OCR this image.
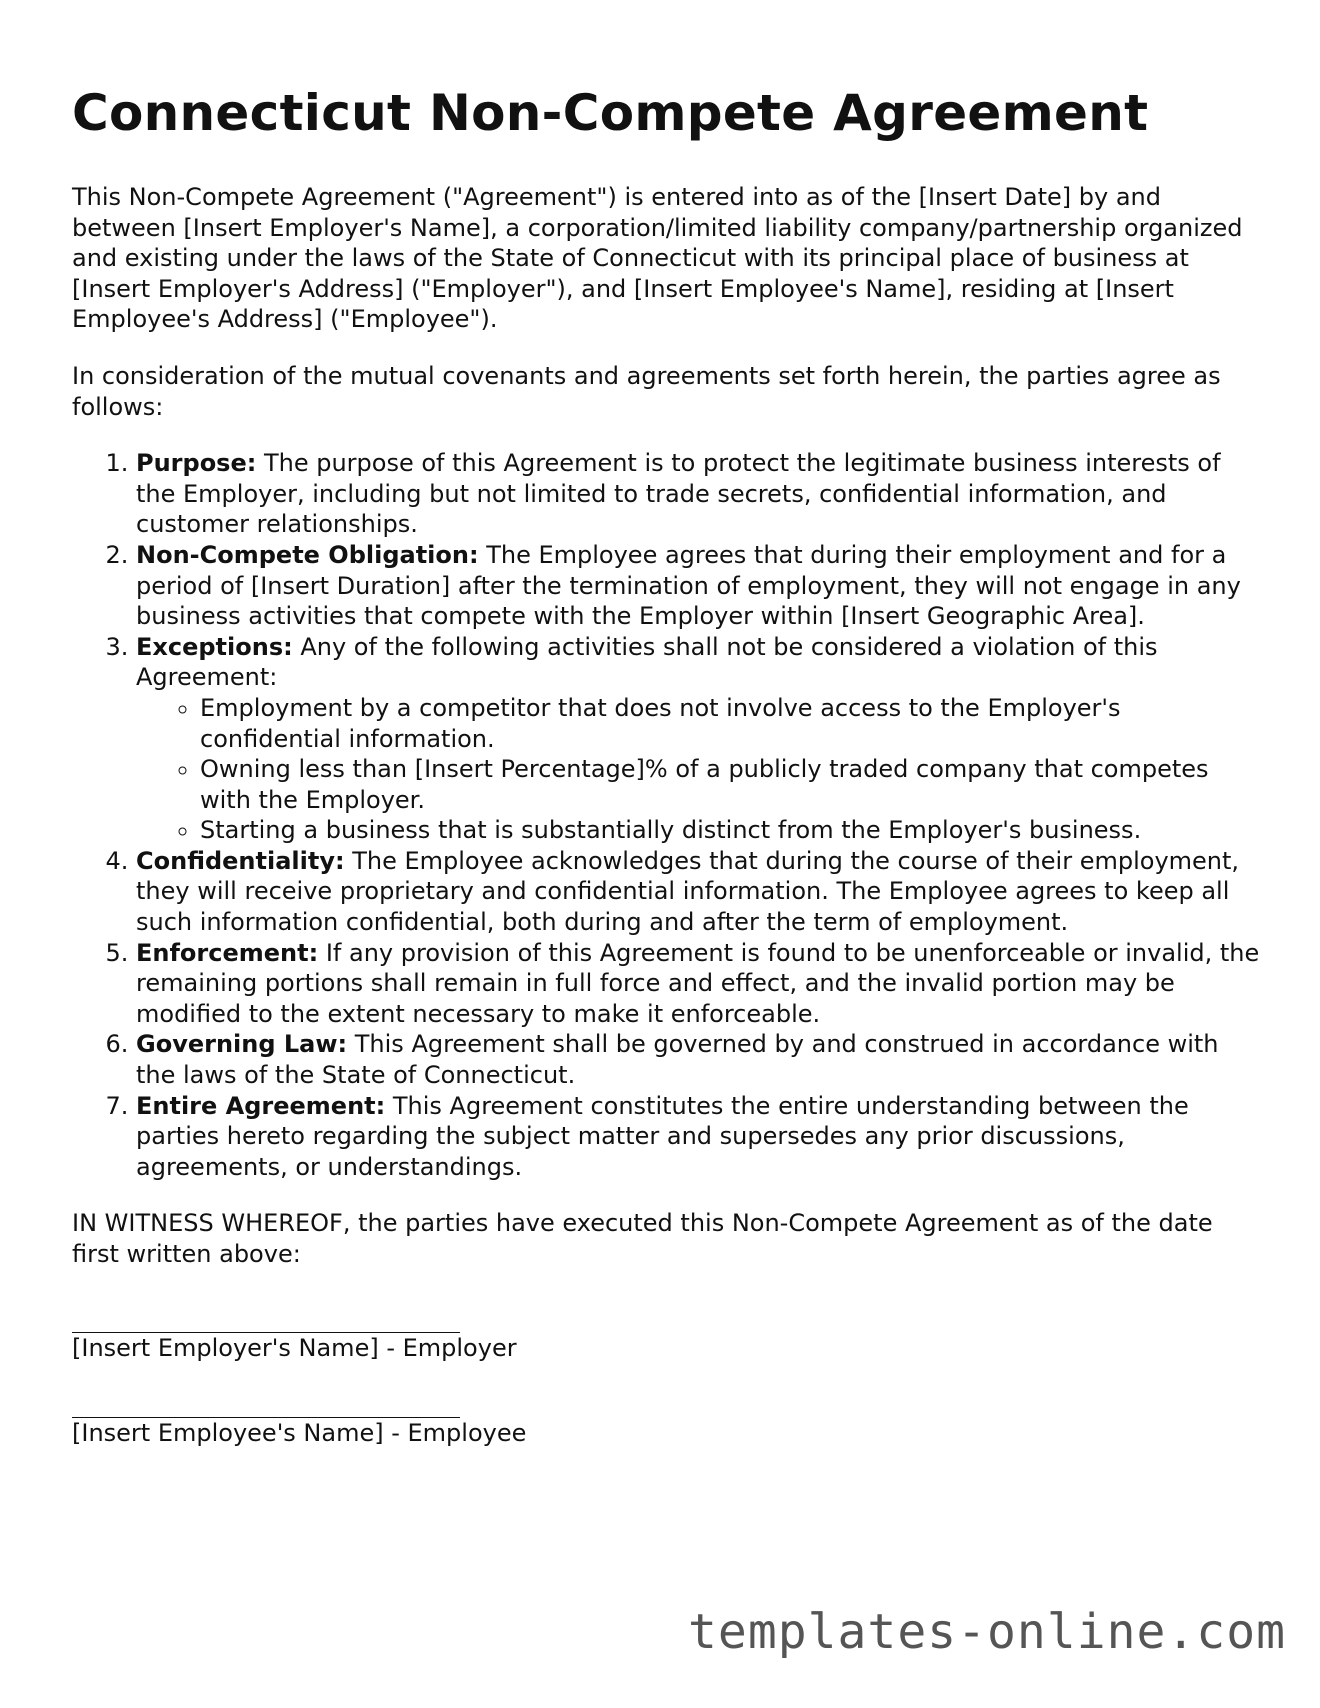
Connecticut Non-Compete Agreement

This Non-Compete Agreement ("Agreement") is entered into as of the [Insert Date] by and between [Insert Employer's Name], a corporation/limited liability company/partnership organized and existing under the laws of the State of Connecticut with its principal place of business at [Insert Employer's Address] ("Employer"), and [Insert Employee's Name], residing at [Insert Employee's Address] ("Employee").

In consideration of the mutual covenants and agreements set forth herein, the parties agree as follows:

1. Purpose: The purpose of this Agreement is to protect the legitimate business interests of the Employer, including but not limited to trade secrets, confidential information, and customer relationships.
2. Non-Compete Obligation: The Employee agrees that during their employment and for a period of [Insert Duration] after the termination of employment, they will not engage in any business activities that compete with the Employer within [Insert Geographic Area].
3. Exceptions: Any of the following activities shall not be considered a violation of this Agreement:
◦ Employment by a competitor that does not involve access to the Employer's confidential information.
◦ Owning less than [Insert Percentage]% of a publicly traded company that competes with the Employer.
◦ Starting a business that is substantially distinct from the Employer's business.
4. Confidentiality: The Employee acknowledges that during the course of their employment, they will receive proprietary and confidential information. The Employee agrees to keep all such information confidential, both during and after the term of employment.
5. Enforcement: If any provision of this Agreement is found to be unenforceable or invalid, the remaining portions shall remain in full force and effect, and the invalid portion may be modified to the extent necessary to make it enforceable.
6. Governing Law: This Agreement shall be governed by and construed in accordance with the laws of the State of Connecticut.
7. Entire Agreement: This Agreement constitutes the entire understanding between the parties hereto regarding the subject matter and supersedes any prior discussions, agreements, or understandings.

IN WITNESS WHEREOF, the parties have executed this Non-Compete Agreement as of the date first written above:

[Insert Employer's Name] - Employer
[Insert Employee's Name] - Employee
templates-online.com
